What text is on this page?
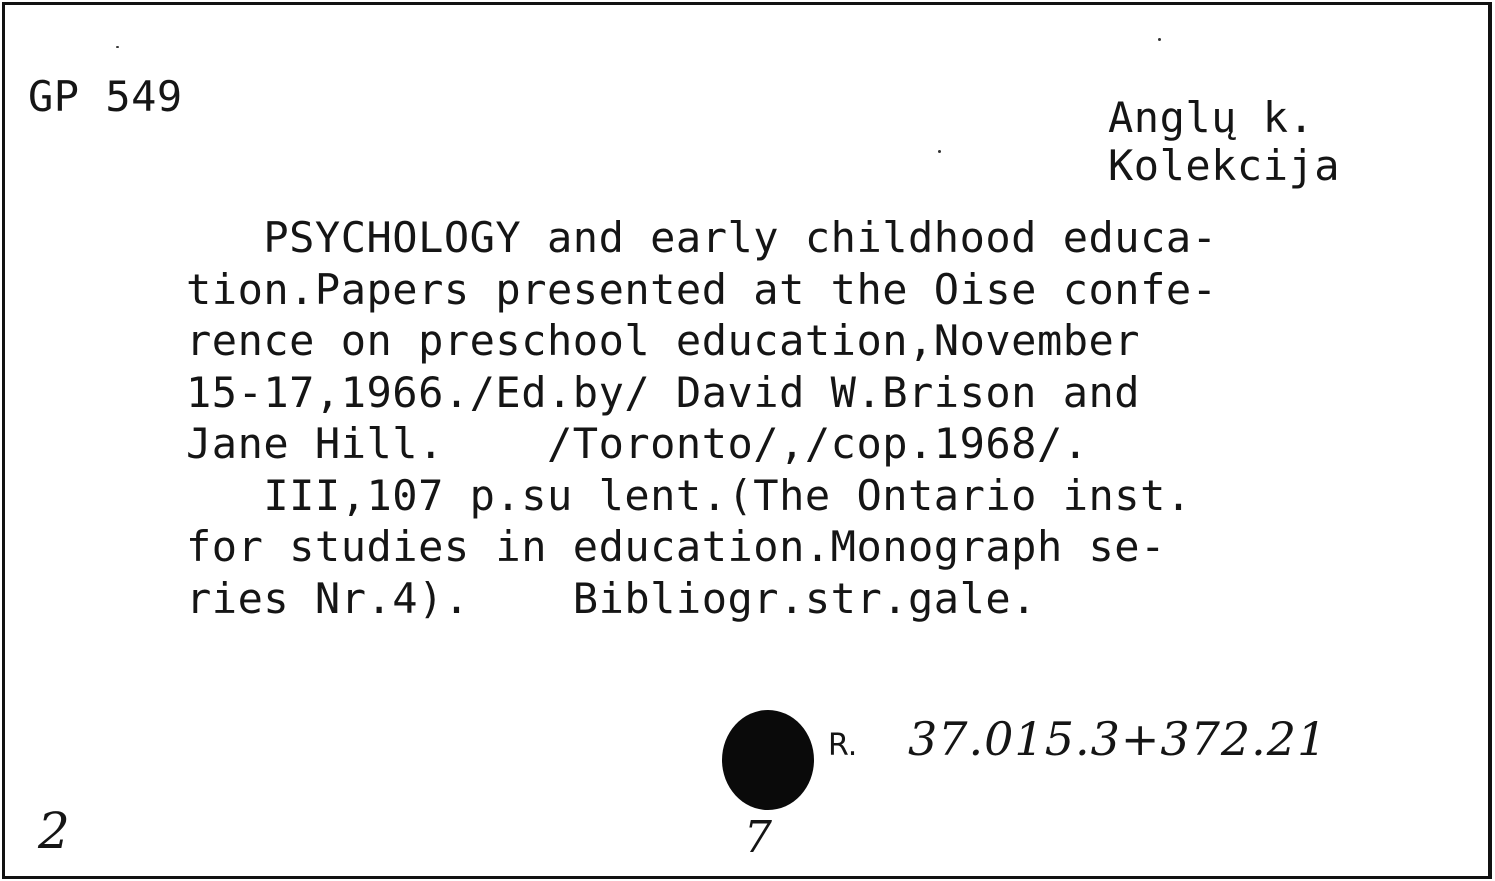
GP 549	Anglų k.
Kolekcija
PSYCHOLOGY and early childhood educa-
tion.Papers presented at the Oise confe-
rence on preschool education,November
15-17,1966./Ed.by/ David W.Brison and
Jane Hill.    /Toronto/,/cop.1968/.
III,107 p.su lent.(The Ontario inst.
for studies in education.Monograph se-
ries Nr.4).    Bibliogr.str.gale.
R. 37.015.3+372.21
7
2
